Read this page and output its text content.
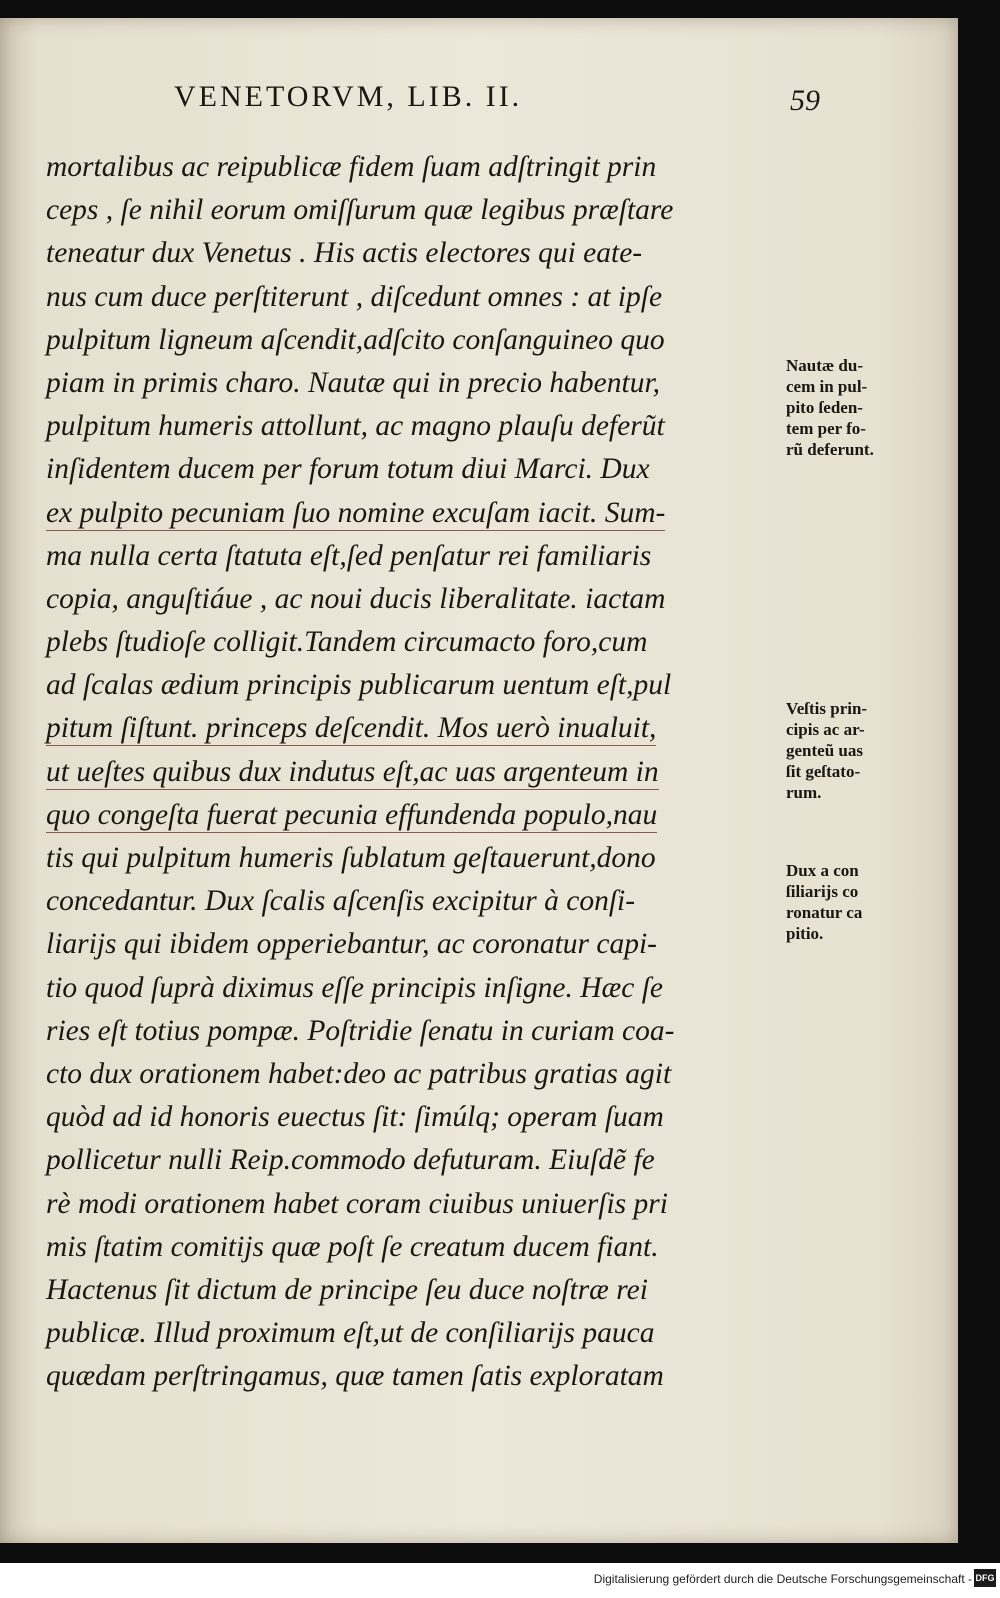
VENETORVM, LIB. II.	59
mortalibus ac reipublicæ fidem ſuam adſtringit prin
ceps , ſe nihil eorum omiſſurum quæ legibus præſtare
teneatur dux Venetus . His actis electores qui eate-
nus cum duce perſtiterunt , diſcedunt omnes : at ipſe
pulpitum ligneum aſcendit,adſcito conſanguineo quo
piam in primis charo. Nautæ qui in precio habentur,
pulpitum humeris attollunt, ac magno plauſu deferũt
inſidentem ducem per forum totum diui Marci. Dux
ex pulpito pecuniam ſuo nomine excuſam iacit. Sum-
ma nulla certa ſtatuta eſt,ſed penſatur rei familiaris
copia, anguſtiáue , ac noui ducis liberalitate. iactam
plebs ſtudioſe colligit.Tandem circumacto foro,cum
ad ſcalas ædium principis publicarum uentum eſt,pul
pitum ſiſtunt. princeps deſcendit. Mos uerò inualuit,
ut ueſtes quibus dux indutus eſt,ac uas argenteum in
quo congeſta fuerat pecunia effundenda populo,nau
tis qui pulpitum humeris ſublatum geſtauerunt,dono
concedantur. Dux ſcalis aſcenſis excipitur à conſi-
liarijs qui ibidem opperiebantur, ac coronatur capi-
tio quod ſuprà diximus eſſe principis inſigne. Hæc ſe
ries eſt totius pompæ. Poſtridie ſenatu in curiam coa-
cto dux orationem habet:deo ac patribus gratias agit
quòd ad id honoris euectus ſit: ſimúlq; operam ſuam
pollicetur nulli Reip.commodo defuturam. Eiuſdẽ fe
rè modi orationem habet coram ciuibus uniuerſis pri
mis ſtatim comitijs quæ poſt ſe creatum ducem fiant.
Hactenus ſit dictum de principe ſeu duce noſtræ rei
publicæ. Illud proximum eſt,ut de conſiliarijs pauca
quædam perſtringamus, quæ tamen ſatis exploratam
Nautæ du-
cem in pul-
pito ſeden-
tem per fo-
rũ deferunt.
Veſtis prin-
cipis ac ar-
genteũ uas
ſit geſtato-
rum.
Dux a con
ſiliarijs co
ronatur ca
pitio.
Digitalisierung gefördert durch die Deutsche Forschungsgemeinschaft - DFG
